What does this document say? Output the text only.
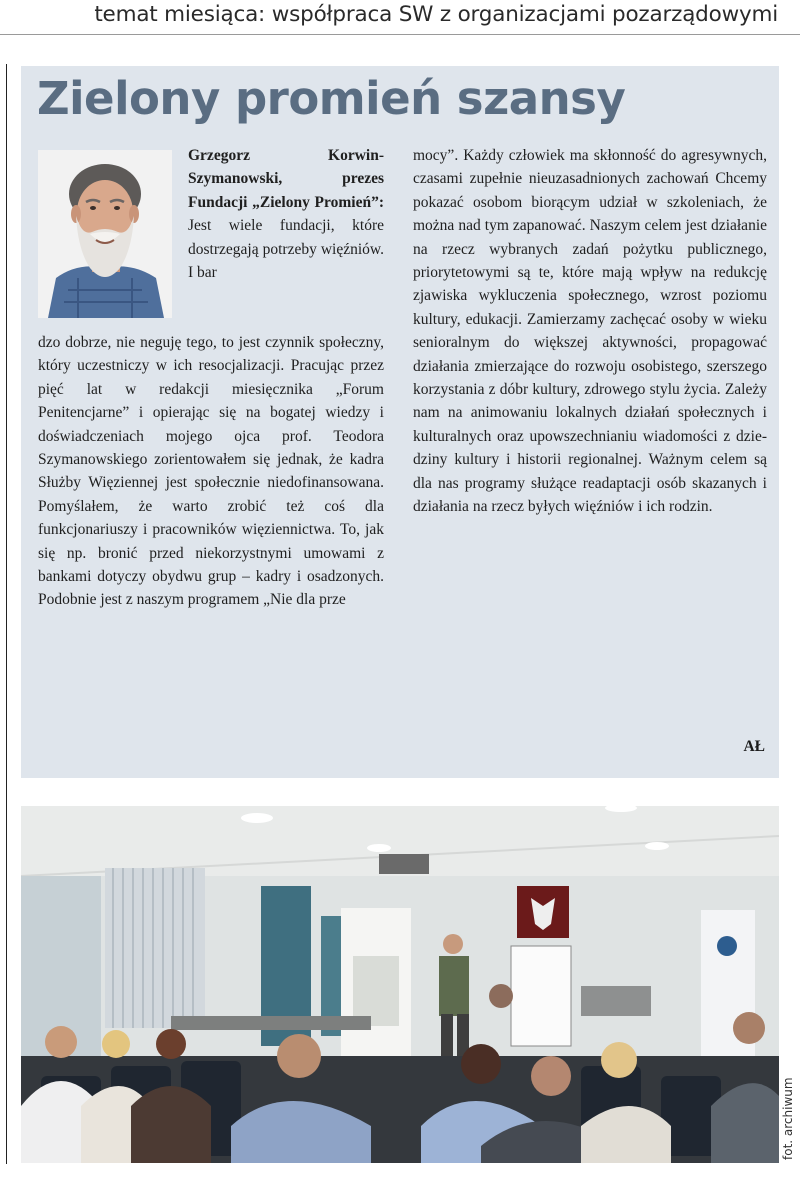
temat miesiąca: współpraca SW z organizacjami pozarządowymi
Zielony promień szansy
Grzegorz Korwin-Szymanowski, prezes Fundacji „Zielony Promień”: Jest wiele fundacji, które dostrzegają potrzeby więźniów. I bar
dzo dobrze, nie neguję tego, to jest czynnik społeczny, który uczestniczy w ich resocjalizacji. Pracując przez pięć lat w redakcji miesięcznika „Forum Penitencjarne” i opierając się na bogatej wiedzy i doświadczeniach mojego ojca prof. Teodora Szymanowskiego zorientowałem się jednak, że kadra Służby Więziennej jest społecznie niedofinansowana. Pomyślałem, że warto zrobić też coś dla funkcjonariuszy i pracowników więziennictwa. To, jak się np. bronić przed niekorzystnymi umowami z bankami dotyczy obydwu grup – kadry i osadzonych. Podobnie jest z naszym programem „Nie dla prze
mocy”. Każdy człowiek ma skłonność do agresywnych, czasami zupełnie nieuzasadnionych zachowań Chcemy pokazać osobom biorącym udział w szkoleniach, że można nad tym zapanować. Naszym celem jest działanie na rzecz wybranych zadań pożytku publicznego, priorytetowymi są te, które mają wpływ na redukcję zjawiska wykluczenia społecznego, wzrost poziomu kultury, edukacji. Zamierzamy zachęcać osoby w wieku senioralnym do większej aktywności, propagować działania zmierzające do rozwoju osobistego, szerszego korzystania z dóbr kultury, zdrowego stylu życia. Zależy nam na animowaniu lokalnych działań społecznych i kulturalnych oraz upowszechnianiu wiadomości z dziedziny kultury i historii regionalnej. Ważnym celem są dla nas programy służące readaptacji osób skazanych i działania na rzecz byłych więźniów i ich rodzin.
AŁ
fot. archiwum
